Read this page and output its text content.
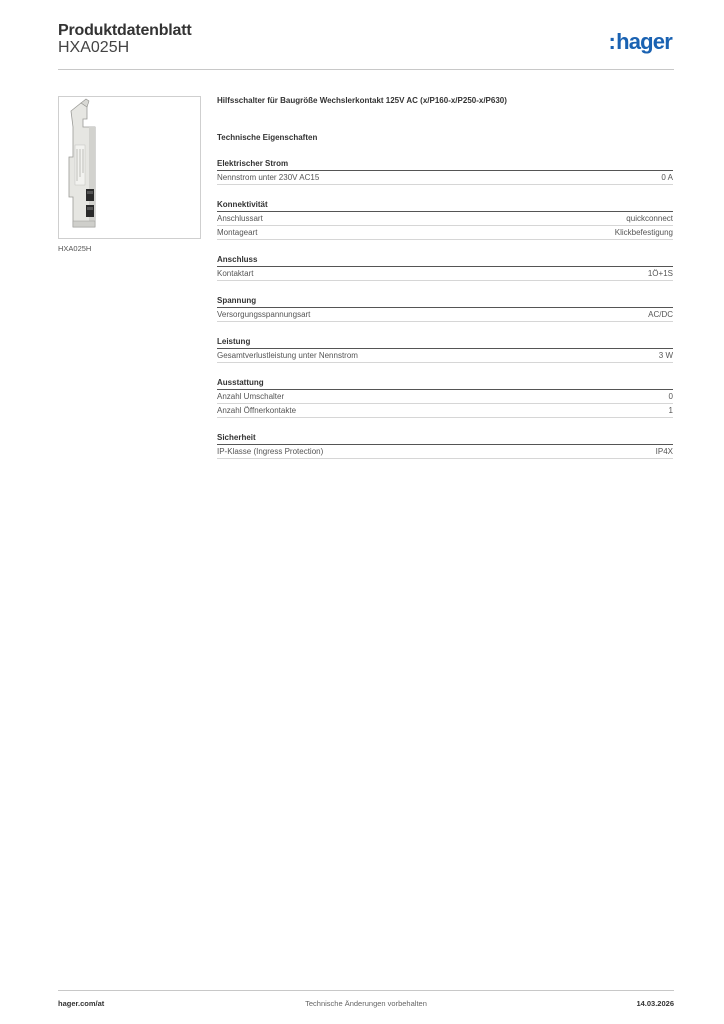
Produktdatenblatt
HXA025H	:hager
HXA025H
Hilfsschalter für Baugröße Wechslerkontakt 125V AC (x/P160-x/P250-x/P630)
Technische Eigenschaften
Elektrischer Strom
Nennstrom unter 230V AC15	0 A
Konnektivität
Anschlussart	quickconnect
Montageart	Klickbefestigung
Anschluss
Kontaktart	1Ö+1S
Spannung
Versorgungsspannungsart	AC/DC
Leistung
Gesamtverlustleistung unter Nennstrom	3 W
Ausstattung
Anzahl Umschalter	0
Anzahl Öffnerkontakte	1
Sicherheit
IP-Klasse (Ingress Protection)	IP4X
hager.com/at	Technische Änderungen vorbehalten	14.03.2026
